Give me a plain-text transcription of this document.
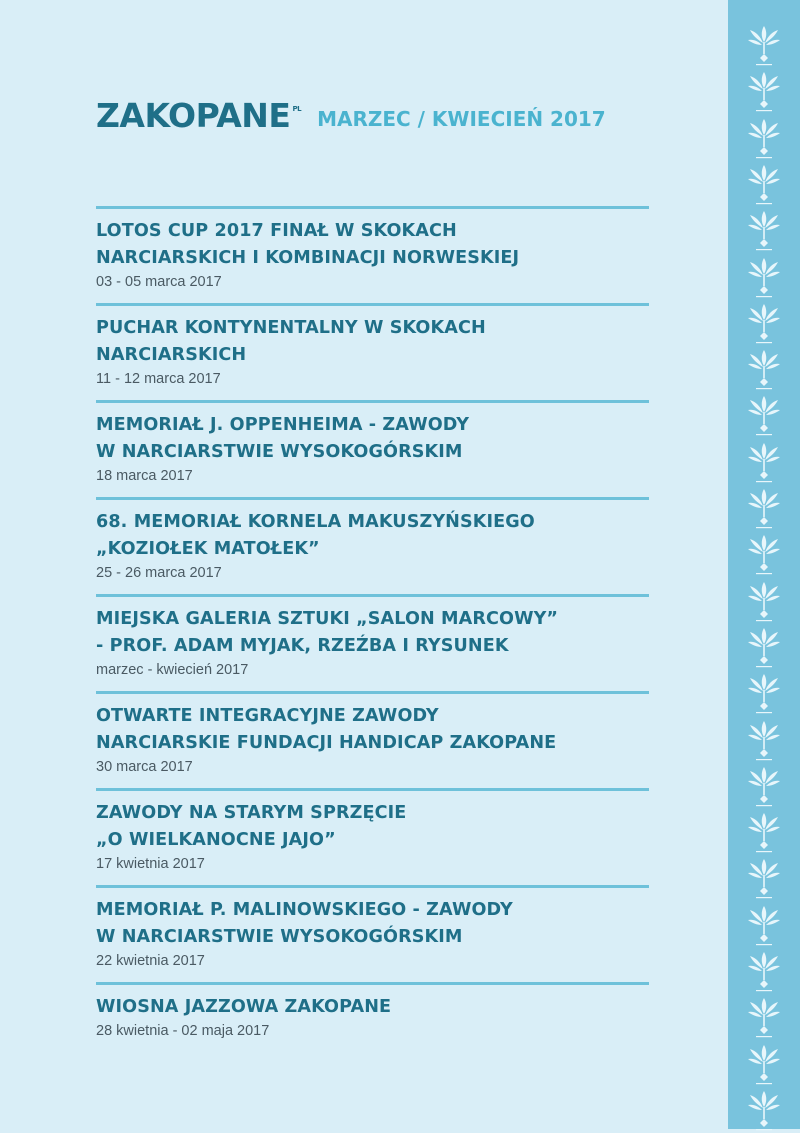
ZAKOPANE PL MARZEC / KWIECIEŃ 2017
LOTOS CUP 2017 FINAŁ W SKOKACH
NARCIARSKICH I KOMBINACJI NORWESKIEJ
03 - 05 marca 2017
PUCHAR KONTYNENTALNY W SKOKACH
NARCIARSKICH
11 - 12 marca 2017
MEMORIAŁ J. OPPENHEIMA - ZAWODY
W NARCIARSTWIE WYSOKOGÓRSKIM
18 marca 2017
68. MEMORIAŁ KORNELA MAKUSZYŃSKIEGO
„KOZIOŁEK MATOŁEK”
25 - 26 marca 2017
MIEJSKA GALERIA SZTUKI „SALON MARCOWY”
- PROF. ADAM MYJAK, RZEŹBA I RYSUNEK
marzec - kwiecień 2017
OTWARTE INTEGRACYJNE ZAWODY
NARCIARSKIE FUNDACJI HANDICAP ZAKOPANE
30 marca 2017
ZAWODY NA STARYM SPRZĘCIE
„O WIELKANOCNE JAJO”
17 kwietnia 2017
MEMORIAŁ P. MALINOWSKIEGO - ZAWODY
W NARCIARSTWIE WYSOKOGÓRSKIM
22 kwietnia 2017
WIOSNA JAZZOWA ZAKOPANE
28 kwietnia - 02 maja 2017
